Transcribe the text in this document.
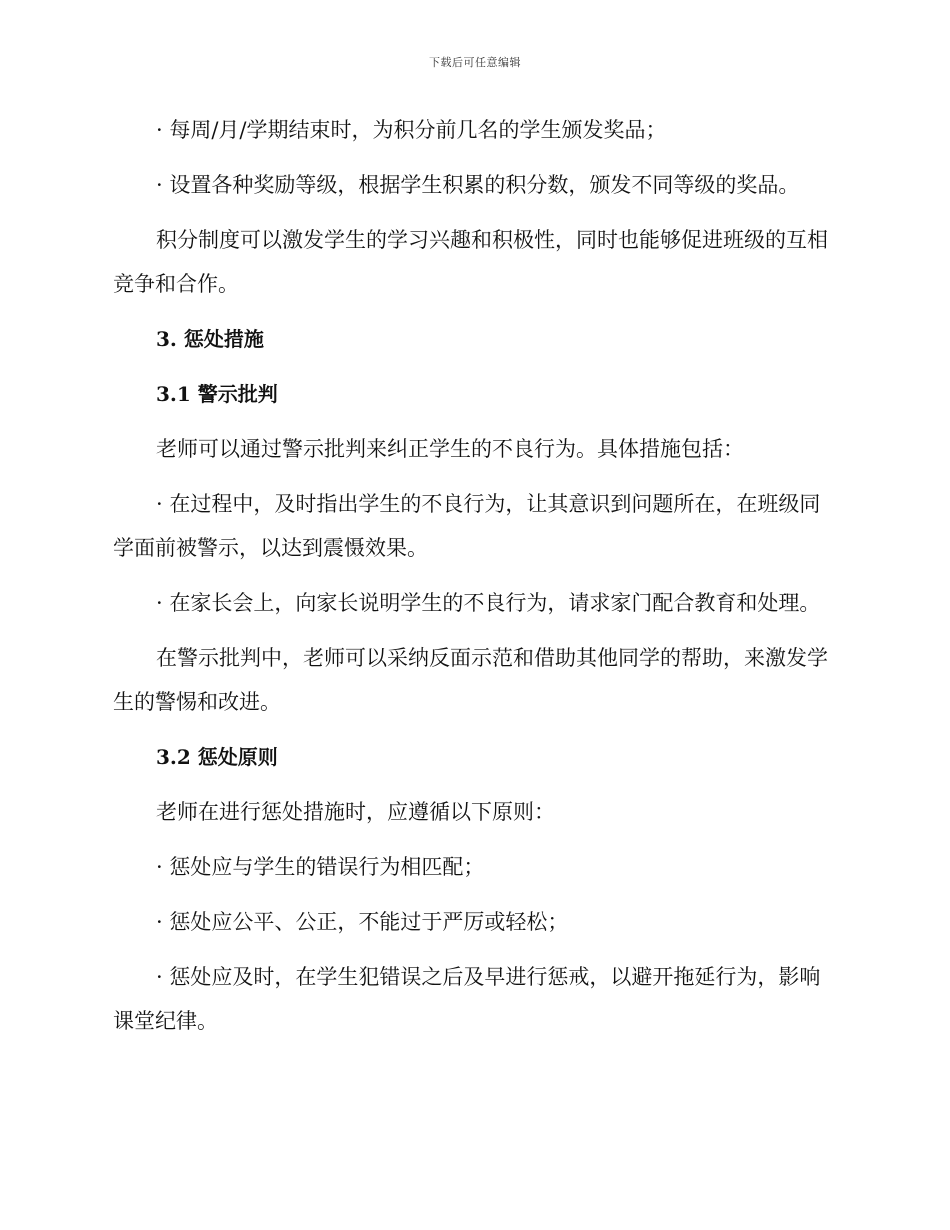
下载后可任意编辑

· 每周/月/学期结束时，为积分前几名的学生颁发奖品；

· 设置各种奖励等级，根据学生积累的积分数，颁发不同等级的奖品。

积分制度可以激发学生的学习兴趣和积极性，同时也能够促进班级的互相竞争和合作。

3. 惩处措施
3.1 警示批判

老师可以通过警示批判来纠正学生的不良行为。具体措施包括：

· 在过程中，及时指出学生的不良行为，让其意识到问题所在，在班级同学面前被警示，以达到震慑效果。

· 在家长会上，向家长说明学生的不良行为，请求家门配合教育和处理。

在警示批判中，老师可以采纳反面示范和借助其他同学的帮助，来激发学生的警惕和改进。

3.2 惩处原则

老师在进行惩处措施时，应遵循以下原则：

· 惩处应与学生的错误行为相匹配；

· 惩处应公平、公正，不能过于严厉或轻松；

· 惩处应及时，在学生犯错误之后及早进行惩戒，以避开拖延行为，影响课堂纪律。
